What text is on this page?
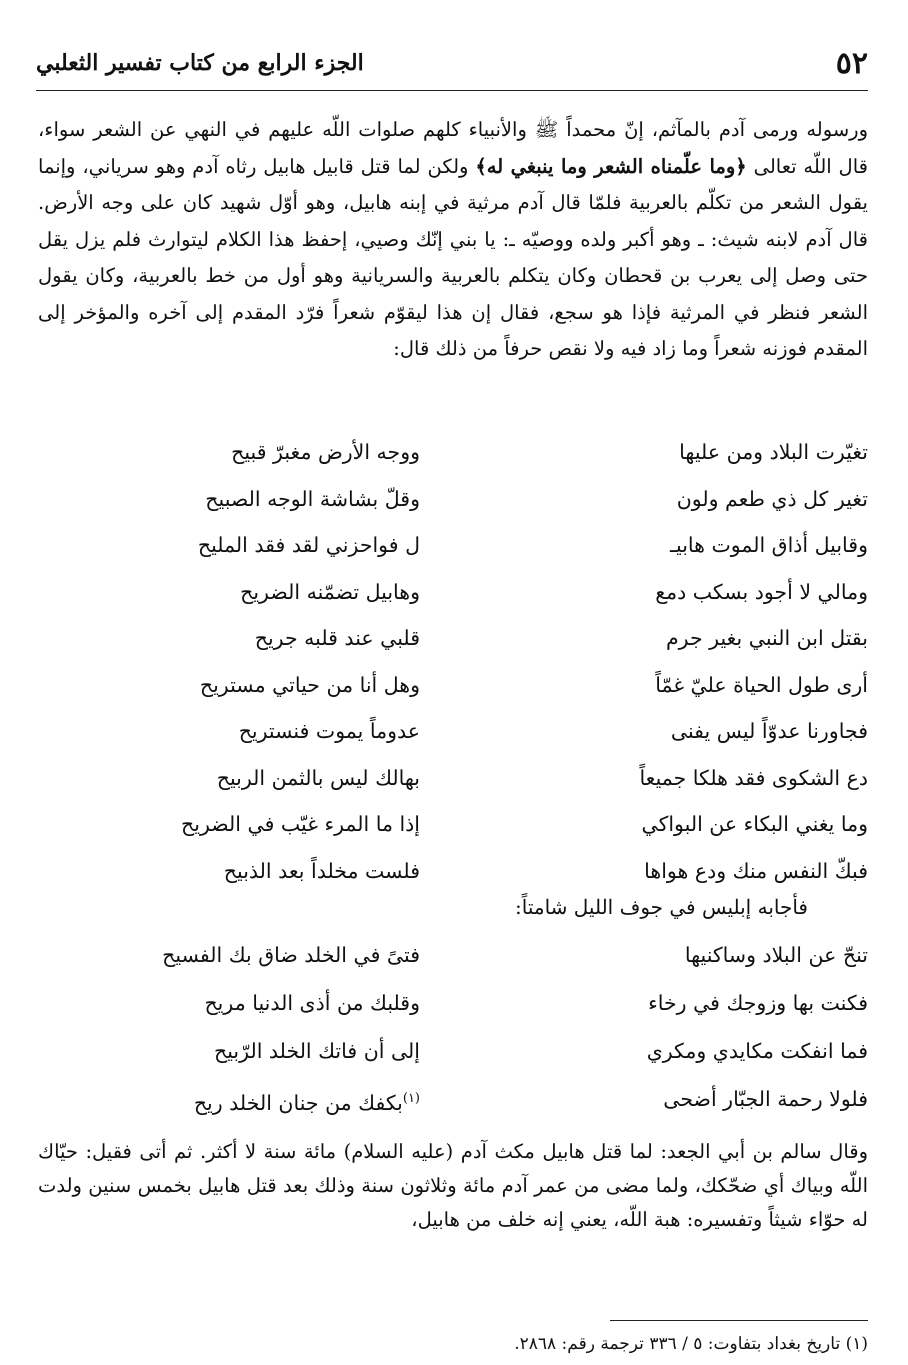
٥٢
الجزء الرابع من كتاب تفسير الثعلبي

ورسوله ورمى آدم بالمآثم، إنّ محمداً ﷺ والأنبياء كلهم صلوات اللّه عليهم في النهي عن الشعر سواء، قال اللّه تعالى ﴿وما علّمناه الشعر وما ينبغي له﴾ ولكن لما قتل قابيل هابيل رثاه آدم وهو سرياني، وإنما يقول الشعر من تكلّم بالعربية فلمّا قال آدم مرثية في إبنه هابيل، وهو أوّل شهيد كان على وجه الأرض. قال آدم لابنه شيث: ـ وهو أكبر ولده ووصيّه ـ: يا بني إنّك وصيي، إحفظ هذا الكلام ليتوارث فلم يزل يقل حتى وصل إلى يعرب بن قحطان وكان يتكلم بالعربية والسريانية وهو أول من خط بالعربية، وكان يقول الشعر فنظر في المرثية فإذا هو سجع، فقال إن هذا ليقوّم شعراً فرّد المقدم إلى آخره والمؤخر إلى المقدم فوزنه شعراً وما زاد فيه ولا نقص حرفاً من ذلك قال:

تغيّرت البلاد ومن عليها
ووجه الأرض مغبرّ قبيح
تغير كل ذي طعم ولون
وقلّ بشاشة الوجه الصبيح
وقابيل أذاق الموت هابيـ
ل فواحزني لقد فقد المليح
ومالي لا أجود بسكب دمع
وهابيل تضمّنه الضريح
بقتل ابن النبي بغير جرم
قلبي عند قلبه جريح
أرى طول الحياة عليّ غمّاً
وهل أنا من حياتي مستريح
فجاورنا عدوّاً ليس يفنى
عدوماً يموت فنستريح
دع الشكوى فقد هلكا جميعاً
بهالك ليس بالثمن الربيح
وما يغني البكاء عن البواكي
إذا ما المرء غيّب في الضريح
فبكّ النفس منك ودع هواها
فلست مخلداً بعد الذبيح

فأجابه إبليس في جوف الليل شامتاً:

تنحّ عن البلاد وساكنيها
فتىً في الخلد ضاق بك الفسيح
فكنت بها وزوجك في رخاء
وقلبك من أذى الدنيا مريح
فما انفكت مكايدي ومكري
إلى أن فاتك الخلد الرّبيح
فلولا رحمة الجبّار أضحى
$^{(١)}$بكفك من جنان الخلد ريح

وقال سالم بن أبي الجعد: لما قتل هابيل مكث آدم (عليه السلام) مائة سنة لا أكثر. ثم أتى فقيل: حيّاك اللّه وبياك أي ضحّكك، ولما مضى من عمر آدم مائة وثلاثون سنة وذلك بعد قتل هابيل بخمس سنين ولدت له حوّاء شيثاً وتفسيره: هبة اللّه، يعني إنه خلف من هابيل،

(١) تاريخ بغداد بتفاوت: ٥ / ٣٣٦ ترجمة رقم: ٢٨٦٨.
